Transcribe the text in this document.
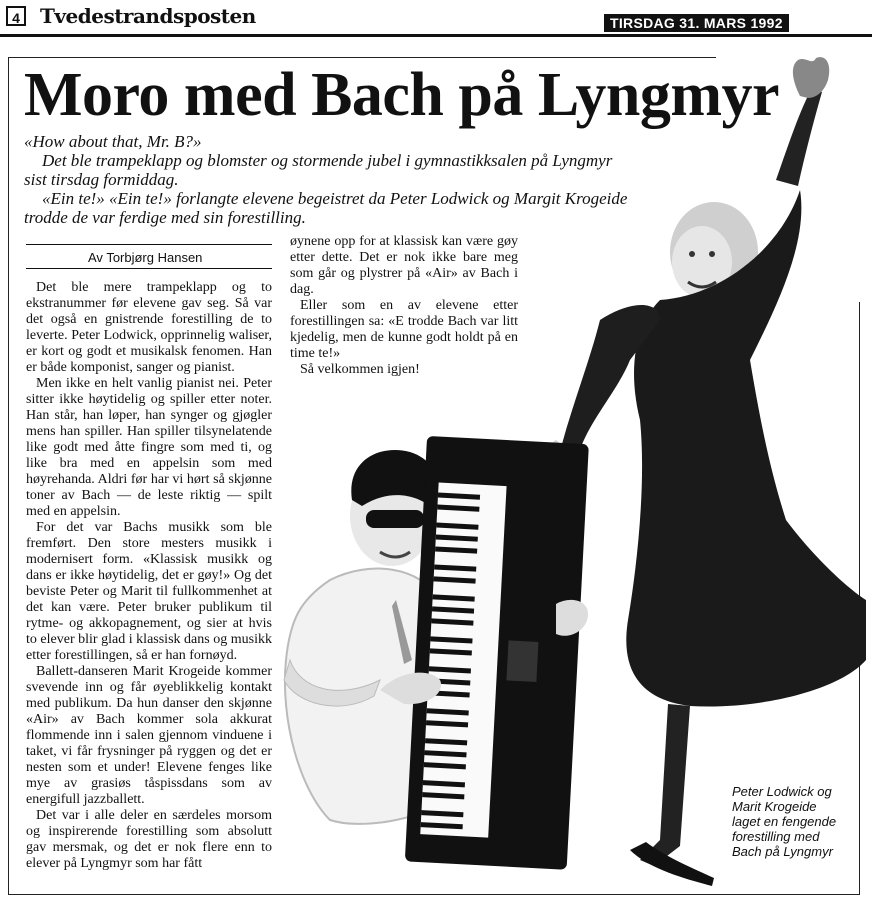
4	Tvedestrandsposten	TIRSDAG 31. MARS 1992
Moro med Bach på Lyngmyr

«How about that, Mr. B?»

Det ble trampeklapp og blomster og stormende jubel i gymnastikksalen på Lyngmyr sist tirsdag formiddag.

«Ein te!» «Ein te!» forlangte elevene begeistret da Peter Lodwick og Margit Krogeide trodde de var ferdige med sin forestilling.

Av Torbjørg Hansen

Det ble mere trampeklapp og to ekstranummer før elevene gav seg. Så var det også en gnistrende forestilling de to leverte. Peter Lodwick, opprinnelig waliser, er kort og godt et musikalsk fenomen. Han er både komponist, sanger og pianist.

Men ikke en helt vanlig pianist nei. Peter sitter ikke høytidelig og spiller etter noter. Han står, han løper, han synger og gjøgler mens han spiller. Han spiller tilsynelatende like godt med åtte fingre som med ti, og like bra med en appelsin som med høyrehanda. Aldri før har vi hørt så skjønne toner av Bach — de leste riktig — spilt med en appelsin.

For det var Bachs musikk som ble fremført. Den store mesters musikk i modernisert form. «Klassisk musikk og dans er ikke høytidelig, det er gøy!» Og det beviste Peter og Marit til fullkommenhet at det kan være. Peter bruker publikum til rytme- og akkopagnement, og sier at hvis to elever blir glad i klassisk dans og musikk etter forestillingen, så er han fornøyd.

Ballett-danseren Marit Krogeide kommer svevende inn og får øyeblikkelig kontakt med publikum. Da hun danser den skjønne «Air» av Bach kommer sola akkurat flommende inn i salen gjennom vinduene i taket, vi får frysninger på ryggen og det er nesten som et under! Elevene fenges like mye av grasiøs tåspissdans som av energifull jazzballett.

Det var i alle deler en særdeles morsom og inspirerende forestilling som absolutt gav mersmak, og det er nok flere enn to elever på Lyngmyr som har fått

øynene opp for at klassisk kan være gøy etter dette. Det er nok ikke bare meg som går og plystrer på «Air» av Bach i dag.

Eller som en av elevene etter forestillingen sa: «E trodde Bach var litt kjedelig, men de kunne godt holdt på en time te!»

Så velkommen igjen!

Peter Lodwick og Marit Krogeide laget en fengende forestilling med Bach på Lyngmyr
